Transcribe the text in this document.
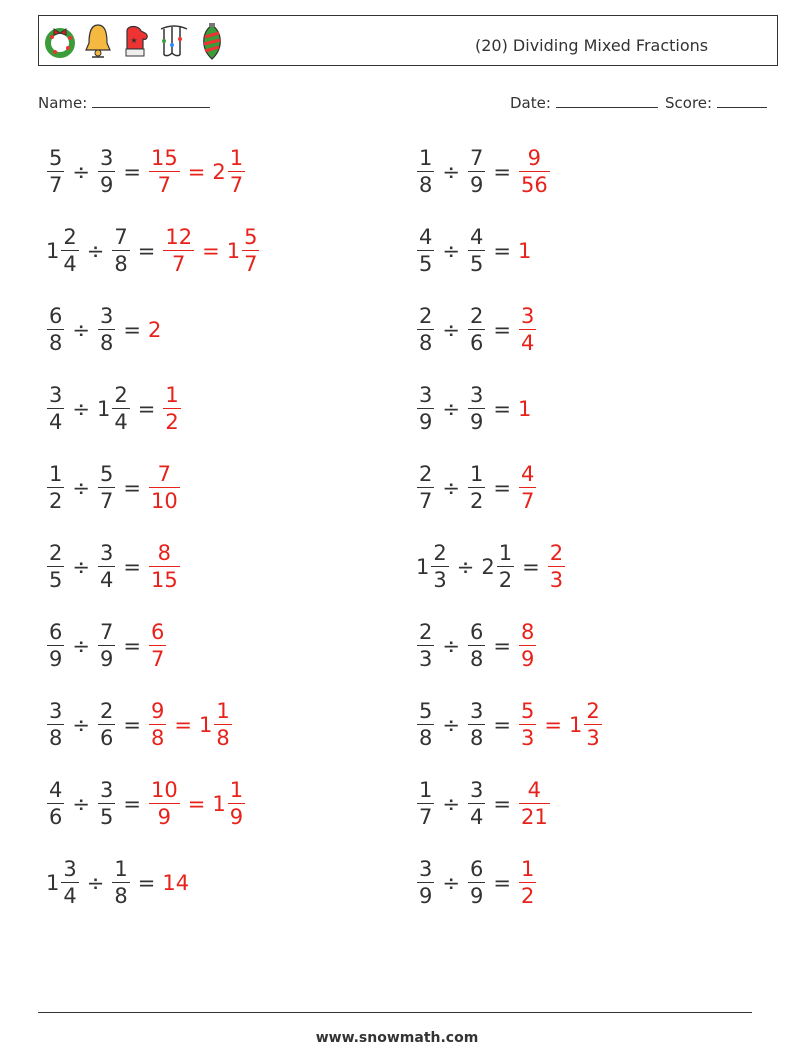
★	(20) Dividing Mixed Fractions
Name:	Date:	Score:
$\frac{5}{7} \div \frac{3}{9} = \frac{15}{7} = 2 \frac{1}{7}$	$\frac{1}{8} \div \frac{7}{9} = \frac{9}{56}$
$1 \frac{2}{4} \div \frac{7}{8} = \frac{12}{7} = 1 \frac{5}{7}$	$\frac{4}{5} \div \frac{4}{5} = 1$
$\frac{6}{8} \div \frac{3}{8} = 2$	$\frac{2}{8} \div \frac{2}{6} = \frac{3}{4}$
$\frac{3}{4} \div 1 \frac{2}{4} = \frac{1}{2}$	$\frac{3}{9} \div \frac{3}{9} = 1$
$\frac{1}{2} \div \frac{5}{7} = \frac{7}{10}$	$\frac{2}{7} \div \frac{1}{2} = \frac{4}{7}$
$\frac{2}{5} \div \frac{3}{4} = \frac{8}{15}$	$1 \frac{2}{3} \div 2 \frac{1}{2} = \frac{2}{3}$
$\frac{6}{9} \div \frac{7}{9} = \frac{6}{7}$	$\frac{2}{3} \div \frac{6}{8} = \frac{8}{9}$
$\frac{3}{8} \div \frac{2}{6} = \frac{9}{8} = 1 \frac{1}{8}$	$\frac{5}{8} \div \frac{3}{8} = \frac{5}{3} = 1 \frac{2}{3}$
$\frac{4}{6} \div \frac{3}{5} = \frac{10}{9} = 1 \frac{1}{9}$	$\frac{1}{7} \div \frac{3}{4} = \frac{4}{21}$
$1 \frac{3}{4} \div \frac{1}{8} = 14$	$\frac{3}{9} \div \frac{6}{9} = \frac{1}{2}$
www.snowmath.com
